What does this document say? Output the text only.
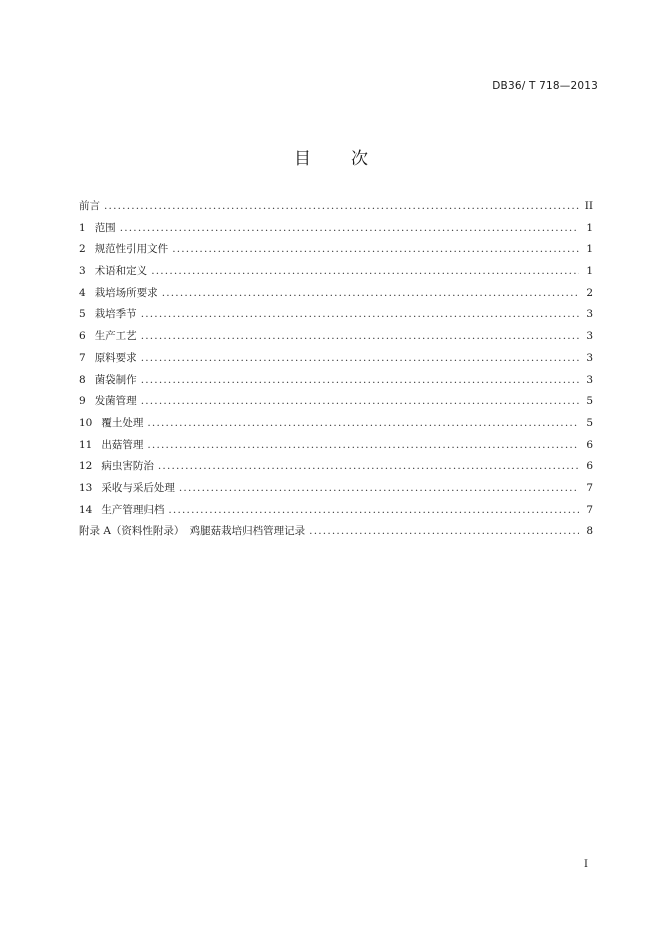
DB36/ T 718—2013
目 次
前言 .....	II
1 范围 .....	1
2 规范性引用文件 .....	1
3 术语和定义 .....	1
4 栽培场所要求 .....	2
5 栽培季节 .....	3
6 生产工艺 .....	3
7 原料要求 .....	3
8 菌袋制作 .....	3
9 发菌管理 .....	5
10 覆土处理 .....	5
11 出菇管理 .....	6
12 病虫害防治 .....	6
13 采收与采后处理 .....	7
14 生产管理归档 .....	7
附录 A（资料性附录）　鸡腿菇栽培归档管理记录 .....	8
I
